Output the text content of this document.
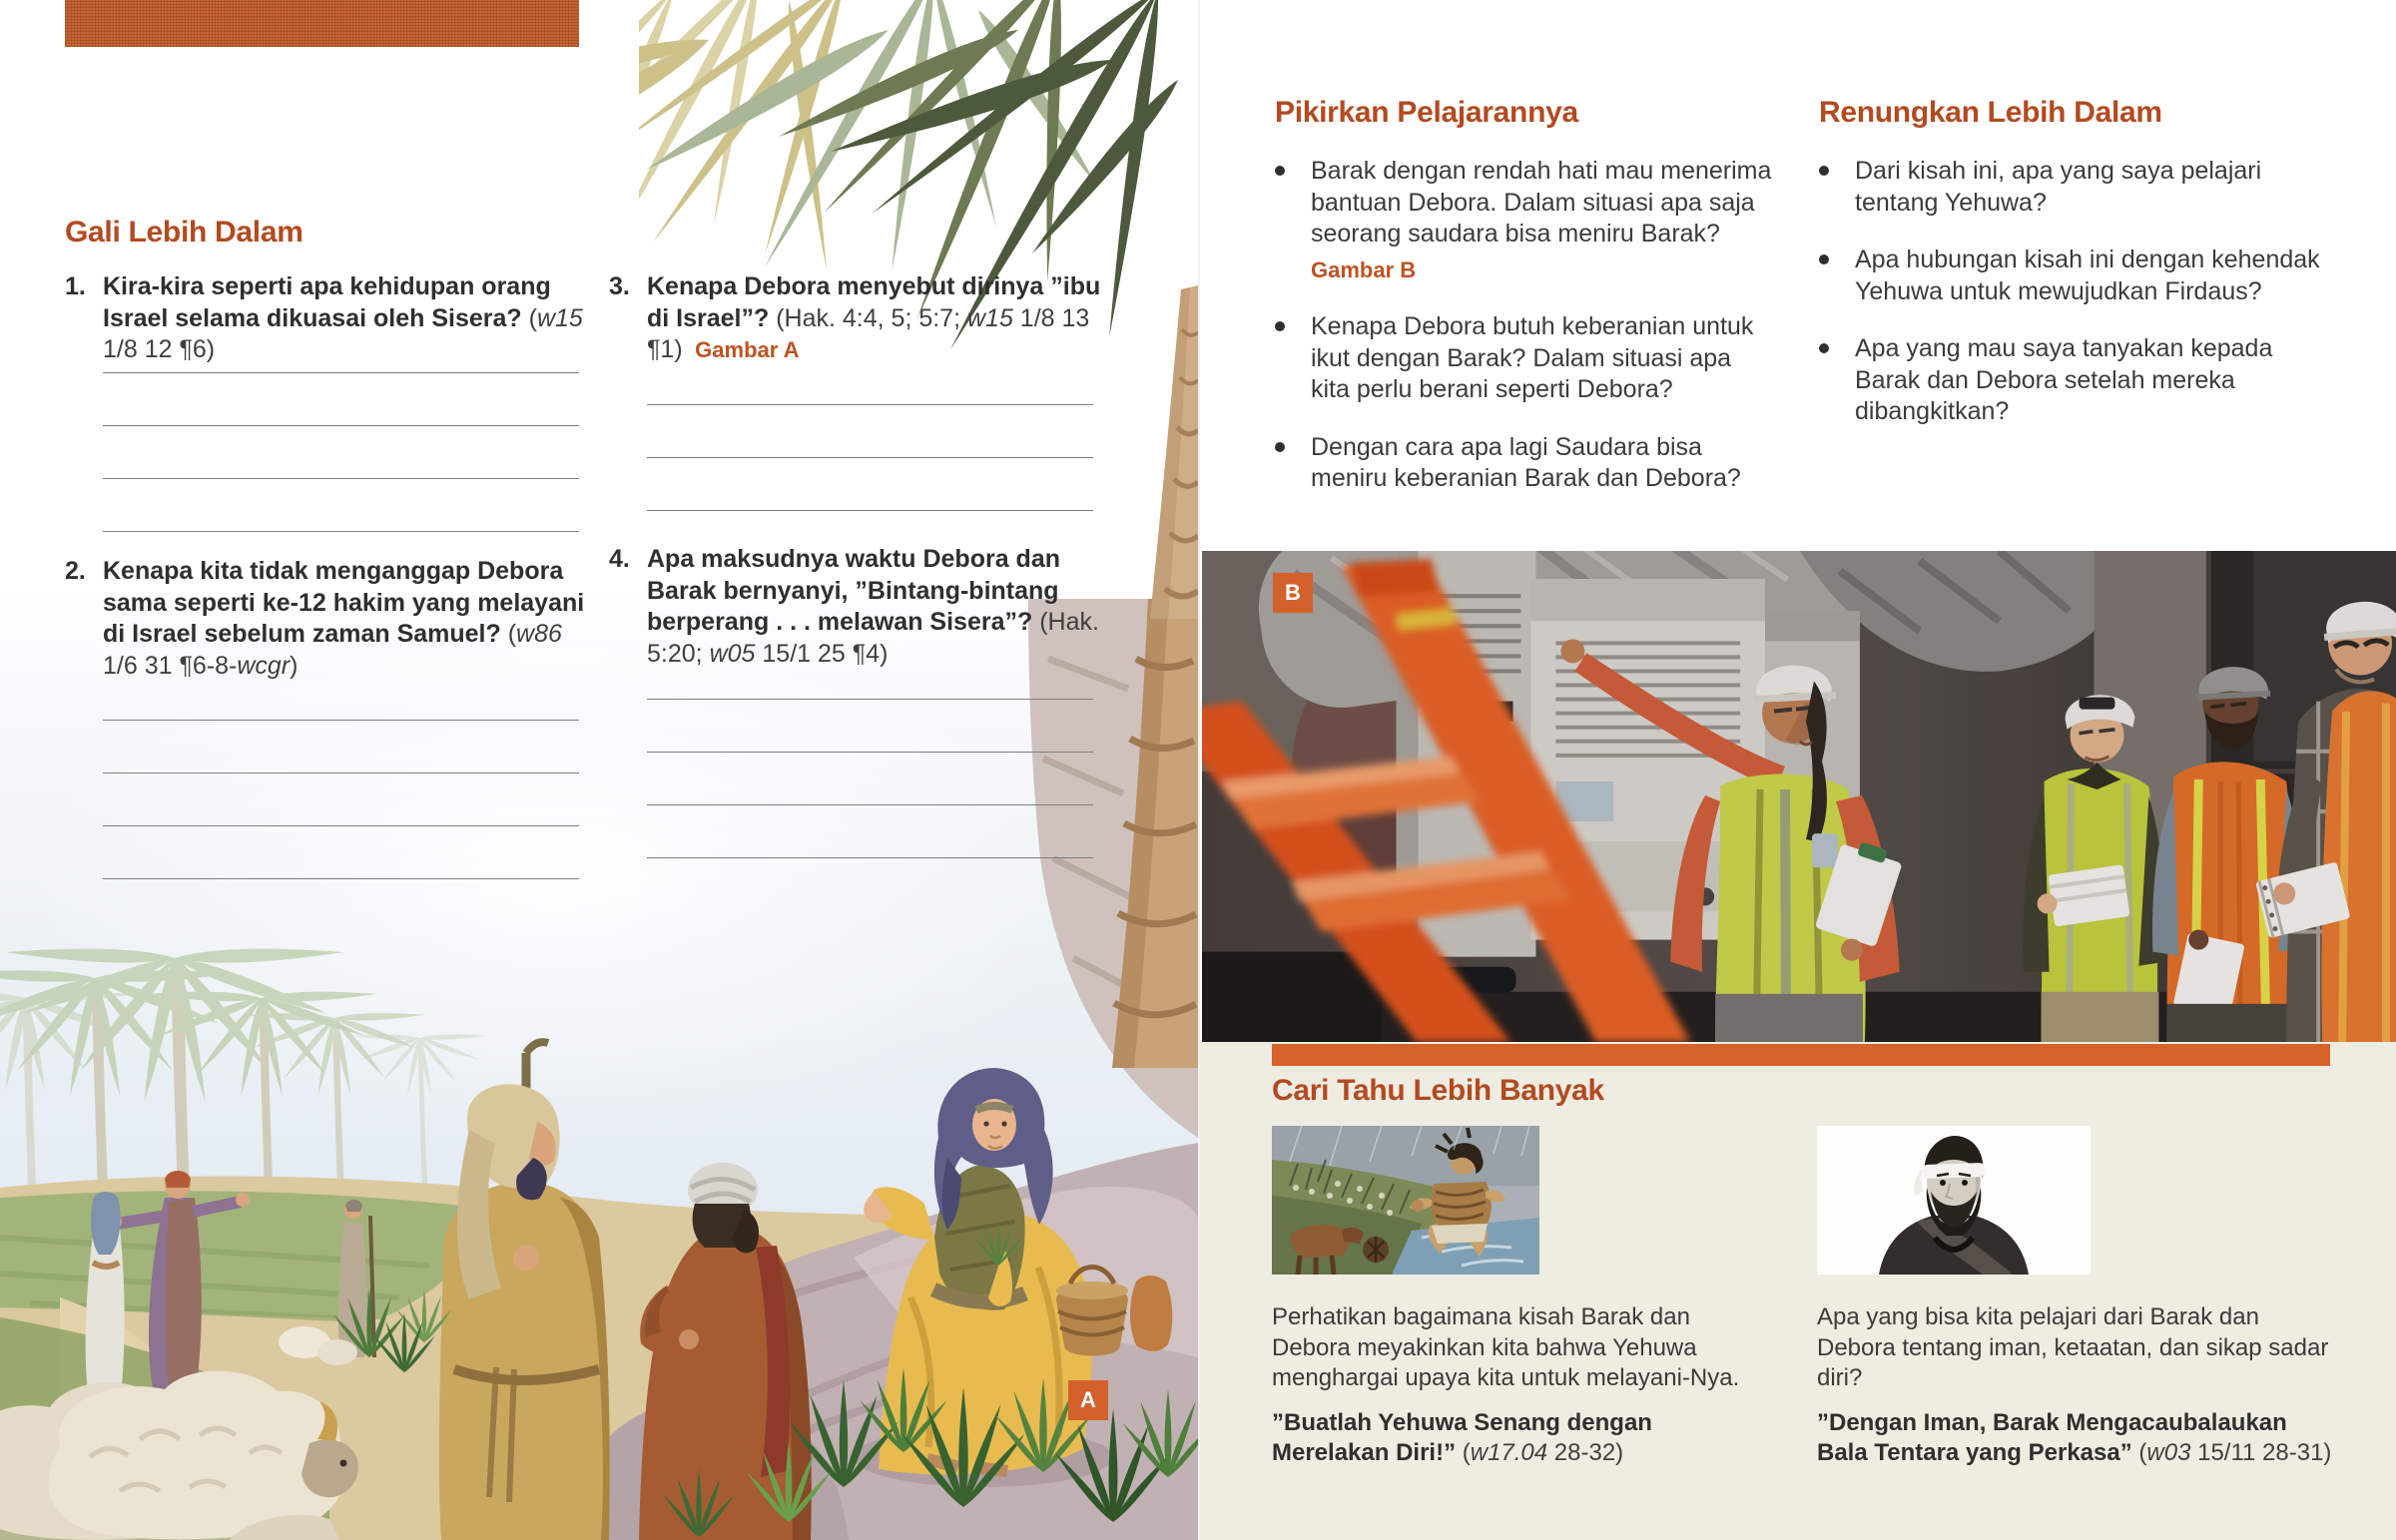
Gali Lebih Dalam
1. Kira-kira seperti apa kehidupan orang Israel selama dikuasai oleh Sisera? (w15 1/8 12 ¶6)
2. Kenapa kita tidak menganggap Debora sama seperti ke-12 hakim yang melayani di Israel sebelum zaman Samuel? (w86 1/6 31 ¶6-8-wcgr)
3. Kenapa Debora menyebut dirinya ”ibu di Israel”? (Hak. 4:4, 5; 5:7; w15 1/8 13 ¶1) Gambar A
4. Apa maksudnya waktu Debora dan Barak bernyanyi, ”Bintang-bintang berperang . . . melawan Sisera”? (Hak. 5:20; w05 15/1 25 ¶4)
A
Pikirkan Pelajarannya
Barak dengan rendah hati mau menerima bantuan Debora. Dalam situasi apa saja seorang saudara bisa meniru Barak?
Gambar B
Kenapa Debora butuh keberanian untuk ikut dengan Barak? Dalam situasi apa kita perlu berani seperti Debora?
Dengan cara apa lagi Saudara bisa meniru keberanian Barak dan Debora?
Renungkan Lebih Dalam
Dari kisah ini, apa yang saya pelajari tentang Yehuwa?
Apa hubungan kisah ini dengan kehendak Yehuwa untuk mewujudkan Firdaus?
Apa yang mau saya tanyakan kepada Barak dan Debora setelah mereka dibangkitkan?
B
Cari Tahu Lebih Banyak
Perhatikan bagaimana kisah Barak dan Debora meyakinkan kita bahwa Yehuwa menghargai upaya kita untuk melayani-Nya.
”Buatlah Yehuwa Senang dengan Merelakan Diri!” (w17.04 28-32)
Apa yang bisa kita pelajari dari Barak dan Debora tentang iman, ketaatan, dan sikap sadar diri?
”Dengan Iman, Barak Mengacaubalaukan Bala Tentara yang Perkasa” (w03 15/11 28-31)
